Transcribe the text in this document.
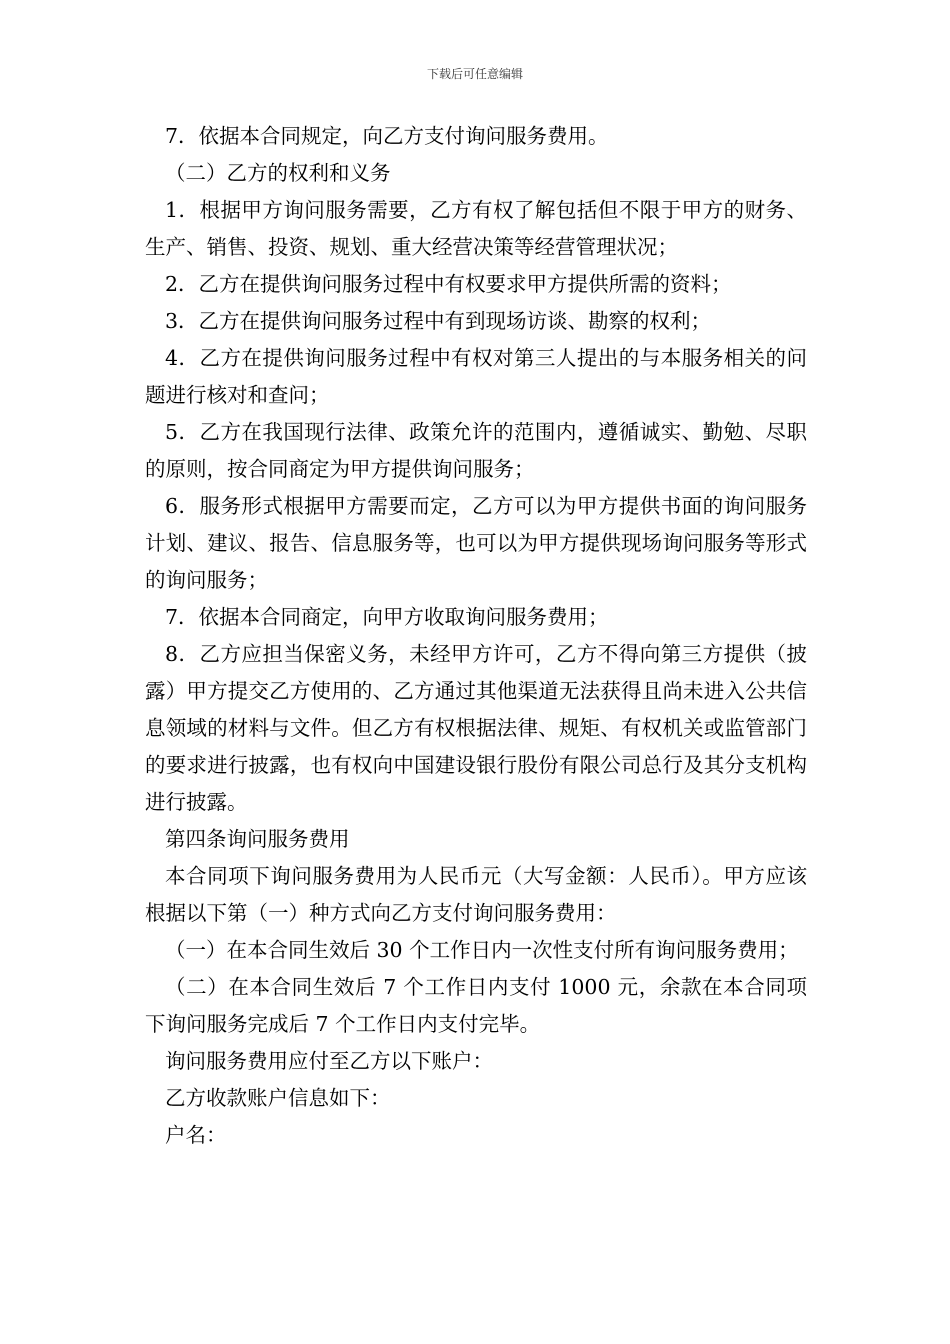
下载后可任意编辑

7．依据本合同规定，向乙方支付询问服务费用。

（二）乙方的权利和义务

1．根据甲方询问服务需要，乙方有权了解包括但不限于甲方的财务、生产、销售、投资、规划、重大经营决策等经营管理状况；

2．乙方在提供询问服务过程中有权要求甲方提供所需的资料；

3．乙方在提供询问服务过程中有到现场访谈、勘察的权利；

4．乙方在提供询问服务过程中有权对第三人提出的与本服务相关的问题进行核对和查问；

5．乙方在我国现行法律、政策允许的范围内，遵循诚实、勤勉、尽职的原则，按合同商定为甲方提供询问服务；

6．服务形式根据甲方需要而定，乙方可以为甲方提供书面的询问服务计划、建议、报告、信息服务等，也可以为甲方提供现场询问服务等形式的询问服务；

7．依据本合同商定，向甲方收取询问服务费用；

8．乙方应担当保密义务，未经甲方许可，乙方不得向第三方提供（披露）甲方提交乙方使用的、乙方通过其他渠道无法获得且尚未进入公共信息领域的材料与文件。但乙方有权根据法律、规矩、有权机关或监管部门的要求进行披露，也有权向中国建设银行股份有限公司总行及其分支机构进行披露。

第四条询问服务费用

本合同项下询问服务费用为人民币元（大写金额：人民币）。甲方应该根据以下第（一）种方式向乙方支付询问服务费用：

（一）在本合同生效后 30 个工作日内一次性支付所有询问服务费用；

（二）在本合同生效后 7 个工作日内支付 1000 元，余款在本合同项下询问服务完成后 7 个工作日内支付完毕。

询问服务费用应付至乙方以下账户：

乙方收款账户信息如下：

户名：
